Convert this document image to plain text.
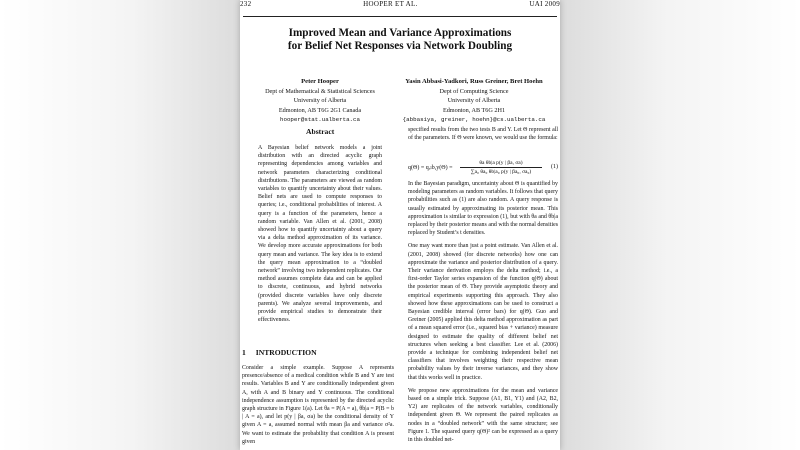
232	HOOPER ET AL.	UAI 2009
Improved Mean and Variance Approximations
for Belief Net Responses via Network Doubling
Peter Hooper
Dept of Mathematical & Statistical Sciences
University of Alberta
Edmonton, AB T6G 2G1 Canada
hooper@stat.ualberta.ca
Yasin Abbasi-Yadkori, Russ Greiner, Bret Hoehn
Dept of Computing Science
University of Alberta
Edmonton, AB T6G 2H1
{abbasiya, greiner, hoehn}@cs.ualberta.ca
Abstract

A Bayesian belief network models a joint distribution with an directed acyclic graph representing dependencies among variables and network parameters characterizing conditional distributions. The parameters are viewed as random variables to quantify uncertainty about their values. Belief nets are used to compute responses to queries; i.e., conditional probabilities of interest. A query is a function of the parameters, hence a random variable. Van Allen et al. (2001, 2008) showed how to quantify uncertainty about a query via a delta method approximation of its variance. We develop more accurate approximations for both query mean and variance. The key idea is to extend the query mean approximation to a “doubled network” involving two independent replicates. Our method assumes complete data and can be applied to discrete, continuous, and hybrid networks (provided discrete variables have only discrete parents). We analyze several improvements, and provide empirical studies to demonstrate their effectiveness.

1 INTRODUCTION

Consider a simple example. Suppose A represents presence/absence of a medical condition while B and Y are test results. Variables B and Y are conditionally independent given A, with A and B binary and Y continuous. The conditional independence assumption is represented by the directed acyclic graph structure in Figure 1(a). Let θa = P(A = a), θb|a = P(B = b | A = a), and let p(y | βa, σa) be the conditional density of Y given A = a, assumed normal with mean βa and variance σ²a. We want to estimate the probability that condition A is present given

specified results from the two tests B and Y. Let Θ represent all of the parameters. If Θ were known, we would use the formula:

q(Θ) = qₐₗb,y(Θ) =
θa θb|a p(y | βa, σa)
∑a₀ θa₀ θb|a₀ p(y | βa₀, σa₀)
(1)

In the Bayesian paradigm, uncertainty about Θ is quantified by modeling parameters as random variables. It follows that query probabilities such as (1) are also random. A query response is usually estimated by approximating its posterior mean. This approximation is similar to expression (1), but with θa and θb|a replaced by their posterior means and with the normal densities replaced by Student’s t densities.

One may want more than just a point estimate. Van Allen et al. (2001, 2008) showed (for discrete networks) how one can approximate the variance and posterior distribution of a query. Their variance derivation employs the delta method; i.e., a first-order Taylor series expansion of the function q(Θ) about the posterior mean of Θ. They provide asymptotic theory and empirical experiments supporting this approach. They also showed how these approximations can be used to construct a Bayesian credible interval (error bars) for q(Θ). Guo and Greiner (2005) applied this delta method approximation as part of a mean squared error (i.e., squared bias + variance) measure designed to estimate the quality of different belief net structures when seeking a best classifier. Lee et al. (2006) provide a technique for combining independent belief net classifiers that involves weighting their respective mean probability values by their inverse variances, and they show that this works well in practice.

We propose new approximations for the mean and variance based on a simple trick. Suppose (A1, B1, Y1) and (A2, B2, Y2) are replicates of the network variables, conditionally independent given Θ. We represent the paired replicates as nodes in a “doubled network” with the same structure; see Figure 1. The squared query q(Θ)² can be expressed as a query in this doubled net-
